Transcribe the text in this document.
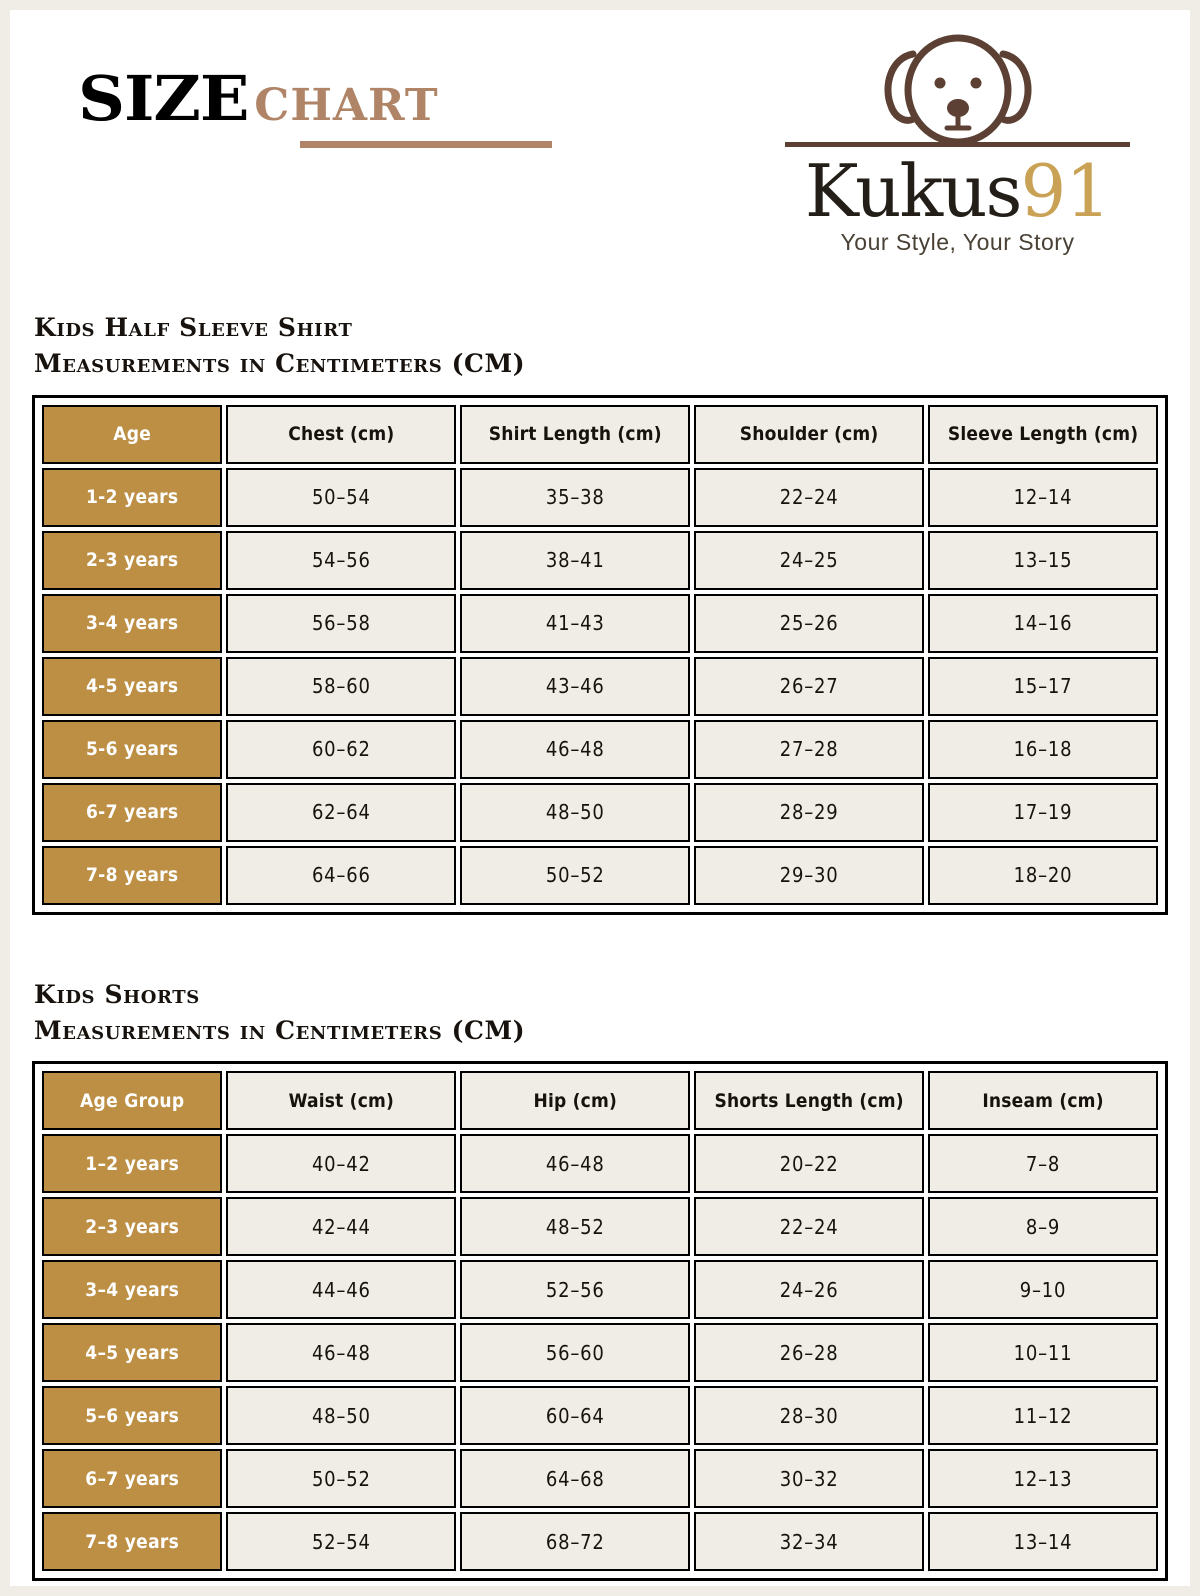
SIZE CHART
Kukus91
Your Style, Your Story
Kids Half Sleeve Shirt
Measurements in Centimeters (CM)
Age	Chest (cm)	Shirt Length (cm)	Shoulder (cm)	Sleeve Length (cm)
1-2 years	50–54	35–38	22–24	12–14
2-3 years	54–56	38–41	24–25	13–15
3-4 years	56–58	41–43	25–26	14–16
4-5 years	58–60	43–46	26–27	15–17
5-6 years	60–62	46–48	27–28	16–18
6-7 years	62–64	48–50	28–29	17–19
7-8 years	64–66	50–52	29–30	18–20
Kids Shorts
Measurements in Centimeters (CM)
Age Group	Waist (cm)	Hip (cm)	Shorts Length (cm)	Inseam (cm)
1–2 years	40–42	46–48	20–22	7–8
2–3 years	42–44	48–52	22–24	8–9
3–4 years	44–46	52–56	24–26	9–10
4–5 years	46–48	56–60	26–28	10–11
5–6 years	48–50	60–64	28–30	11–12
6–7 years	50–52	64–68	30–32	12–13
7–8 years	52–54	68–72	32–34	13–14
